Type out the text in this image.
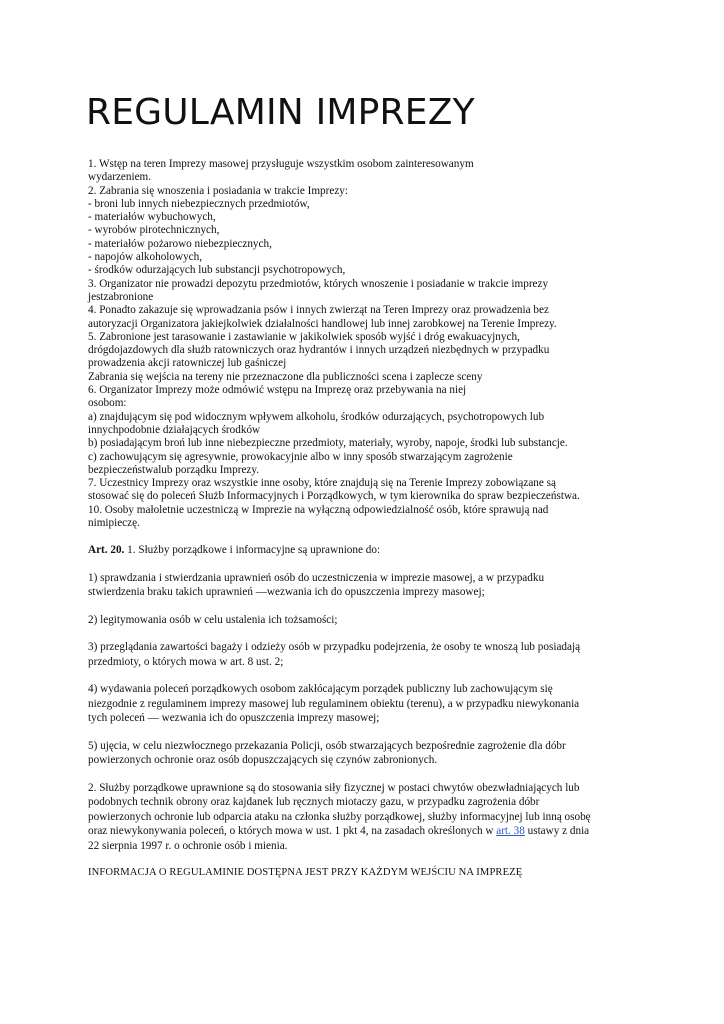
REGULAMIN IMPREZY
1. Wstęp na teren Imprezy masowej przysługuje wszystkim osobom zainteresowanym
wydarzeniem.
2. Zabrania się wnoszenia i posiadania w trakcie Imprezy:
- broni lub innych niebezpiecznych przedmiotów,
- materiałów wybuchowych,
- wyrobów pirotechnicznych,
- materiałów pożarowo niebezpiecznych,
- napojów alkoholowych,
- środków odurzających lub substancji psychotropowych,
3. Organizator nie prowadzi depozytu przedmiotów, których wnoszenie i posiadanie w trakcie imprezy
jestzabronione
4. Ponadto zakazuje się wprowadzania psów i innych zwierząt na Teren Imprezy oraz prowadzenia bez
autoryzacji Organizatora jakiejkolwiek działalności handlowej lub innej zarobkowej na Terenie Imprezy.
5. Zabronione jest tarasowanie i zastawianie w jakikolwiek sposób wyjść i dróg ewakuacyjnych,
drógdojazdowych dla służb ratowniczych oraz hydrantów i innych urządzeń niezbędnych w przypadku
prowadzenia akcji ratowniczej lub gaśniczej
Zabrania się wejścia na tereny nie przeznaczone dla publiczności scena i zaplecze sceny
6. Organizator Imprezy może odmówić wstępu na Imprezę oraz przebywania na niej
osobom:
a) znajdującym się pod widocznym wpływem alkoholu, środków odurzających, psychotropowych lub
innychpodobnie działających środków
b) posiadającym broń lub inne niebezpieczne przedmioty, materiały, wyroby, napoje, środki lub substancje.
c) zachowującym się agresywnie, prowokacyjnie albo w inny sposób stwarzającym zagrożenie
bezpieczeństwalub porządku Imprezy.
7. Uczestnicy Imprezy oraz wszystkie inne osoby, które znajdują się na Terenie Imprezy zobowiązane są
stosować się do poleceń Służb Informacyjnych i Porządkowych, w tym kierownika do spraw bezpieczeństwa.
10. Osoby małoletnie uczestniczą w Imprezie na wyłączną odpowiedzialność osób, które sprawują nad
nimipieczę.
Art. 20. 1. Służby porządkowe i informacyjne są uprawnione do:
1) sprawdzania i stwierdzania uprawnień osób do uczestniczenia w imprezie masowej, a w przypadku
stwierdzenia braku takich uprawnień —wezwania ich do opuszczenia imprezy masowej;
2) legitymowania osób w celu ustalenia ich tożsamości;
3) przeglądania zawartości bagaży i odzieży osób w przypadku podejrzenia, że osoby te wnoszą lub posiadają
przedmioty, o których mowa w art. 8 ust. 2;
4) wydawania poleceń porządkowych osobom zakłócającym porządek publiczny lub zachowującym się
niezgodnie z regulaminem imprezy masowej lub regulaminem obiektu (terenu), a w przypadku niewykonania
tych poleceń — wezwania ich do opuszczenia imprezy masowej;
5) ujęcia, w celu niezwłocznego przekazania Policji, osób stwarzających bezpośrednie zagrożenie dla dóbr
powierzonych ochronie oraz osób dopuszczających się czynów zabronionych.
2. Służby porządkowe uprawnione są do stosowania siły fizycznej w postaci chwytów obezwładniających lub
podobnych technik obrony oraz kajdanek lub ręcznych miotaczy gazu, w przypadku zagrożenia dóbr
powierzonych ochronie lub odparcia ataku na członka służby porządkowej, służby informacyjnej lub inną osobę
oraz niewykonywania poleceń, o których mowa w ust. 1 pkt 4, na zasadach określonych w art. 38 ustawy z dnia
22 sierpnia 1997 r. o ochronie osób i mienia.
INFORMACJA O REGULAMINIE DOSTĘPNA JEST PRZY KAŻDYM WEJŚCIU NA IMPREZĘ
